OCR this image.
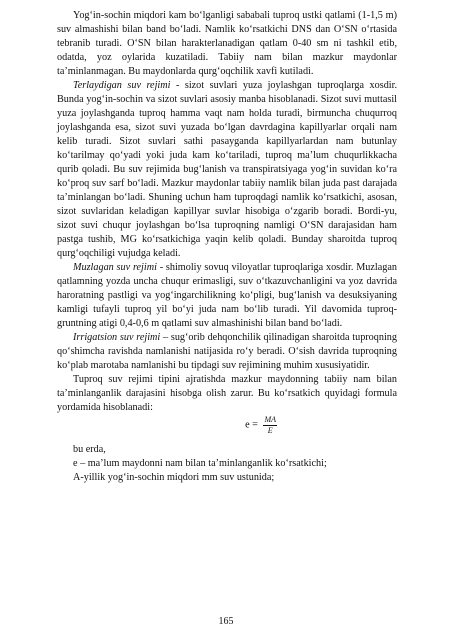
Yog‘in-sochin miqdori kam bo‘lganligi sababali tuproq ustki qatlami (1-1,5 m) suv almashishi bilan band bo‘ladi. Namlik ko‘rsatkichi DNS dan O‘SN o‘rtasida tebranib turadi. O‘SN bilan harakterlanadigan qatlam 0-40 sm ni tashkil etib, odatda, yoz oylarida kuzatiladi. Tabiiy nam bilan mazkur maydonlar ta’minlanmagan. Bu maydonlarda qurg‘oqchilik xavfi kutiladi.

Terlaydigan suv rejimi - sizot suvlari yuza joylashgan tuproqlarga xosdir. Bunda yog‘in-sochin va sizot suvlari asosiy manba hisoblanadi. Sizot suvi muttasil yuza joylashganda tuproq hamma vaqt nam holda turadi, birmuncha chuqurroq joylashganda esa, sizot suvi yuzada bo‘lgan davrdagina kapillyarlar orqali nam kelib turadi. Sizot suvlari sathi pasayganda kapillyarlardan nam butunlay ko‘tarilmay qo‘yadi yoki juda kam ko‘tariladi, tuproq ma’lum chuqurlikkacha qurib qoladi. Bu suv rejimida bug‘lanish va transpiratsiyaga yog‘in suvidan ko‘ra ko‘proq suv sarf bo‘ladi. Mazkur maydonlar tabiiy namlik bilan juda past darajada ta’minlangan bo‘ladi. Shuning uchun ham tuproqdagi namlik ko‘rsatkichi, asosan, sizot suvlaridan keladigan kapillyar suvlar hisobiga o‘zgarib boradi. Bordi-yu, sizot suvi chuqur joylashgan bo‘lsa tuproqning namligi O‘SN darajasidan ham pastga tushib, MG ko‘rsatkichiga yaqin kelib qoladi. Bunday sharoitda tuproq qurg‘oqchiligi vujudga keladi.

Muzlagan suv rejimi - shimoliy sovuq viloyatlar tuproqlariga xosdir. Muzlagan qatlamning yozda uncha chuqur erimasligi, suv o‘tkazuvchanligini va yoz davrida haroratning pastligi va yog‘ingarchilikning ko‘pligi, bug‘lanish va desuksiyaning kamligi tufayli tuproq yil bo‘yi juda nam bo‘lib turadi. Yil davomida tuproq-gruntning atigi 0,4-0,6 m qatlami suv almashinishi bilan band bo‘ladi.

Irrigatsion suv rejimi – sug‘orib dehqonchilik qilinadigan sharoitda tuproqning qo‘shimcha ravishda namlanishi natijasida ro‘y beradi. O‘sish davrida tuproqning ko‘plab marotaba namlanishi bu tipdagi suv rejimining muhim xususiyatidir.

Tuproq suv rejimi tipini ajratishda mazkur maydonning tabiiy nam bilan ta’minlanganlik darajasini hisobga olish zarur. Bu ko‘rsatkich quyidagi formula yordamida hisoblanadi:

$e = \frac{MA}{E}$

bu erda,

e – ma’lum maydonni nam bilan ta’minlanganlik ko‘rsatkichi;

A-yillik yog‘in-sochin miqdori mm suv ustunida;

165
